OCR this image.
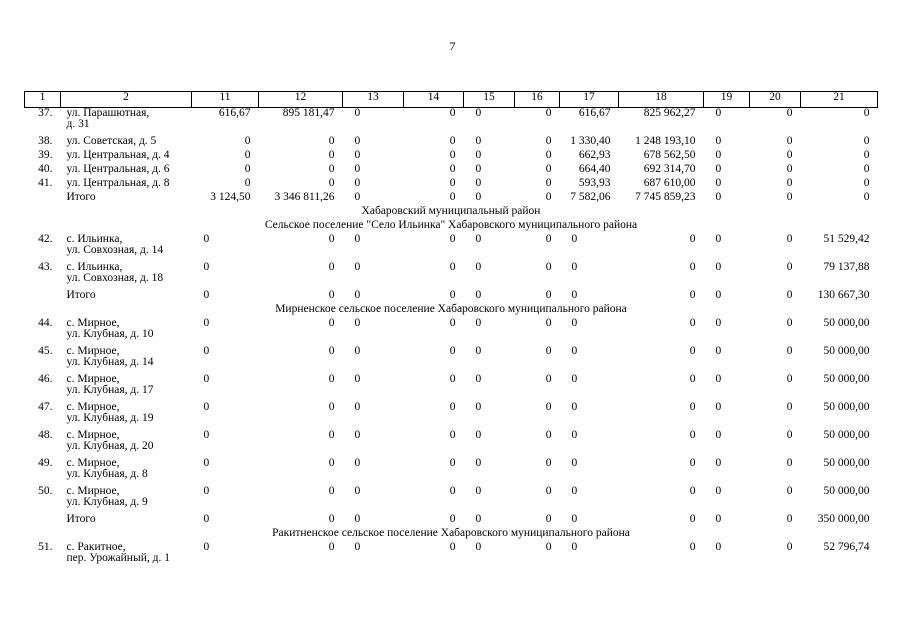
7
1	2	11	12	13	14	15	16	17	18	19	20	21
37.	ул. Парашютная,
д. 31	616,67	895 181,47	0	0	0	0	616,67	825 962,27	0	0	0
38.	ул. Советская, д. 5	0	0	0	0	0	0	1 330,40	1 248 193,10	0	0	0
39.	ул. Центральная, д. 4	0	0	0	0	0	0	662,93	678 562,50	0	0	0
40.	ул. Центральная, д. 6	0	0	0	0	0	0	664,40	692 314,70	0	0	0
41.	ул. Центральная, д. 8	0	0	0	0	0	0	593,93	687 610,00	0	0	0

	Итого	3 124,50	3 346 811,26	0	0	0	0	7 582,06	7 745 859,23	0	0	0
Хабаровский муниципальный район												
Сельское поселение "Село Ильинка" Хабаровского муниципального района												
42.	с. Ильинка,
ул. Совхозная, д. 14	0	0	0	0	0	0	0	0	0	0	51 529,42
43.	с. Ильинка,
ул. Совхозная, д. 18	0	0	0	0	0	0	0	0	0	0	79 137,88

	Итого	0	0	0	0	0	0	0	0	0	0	130 667,30
Мирненское сельское поселение Хабаровского муниципального района												
44.	с. Мирное,
ул. Клубная, д. 10	0	0	0	0	0	0	0	0	0	0	50 000,00
45.	с. Мирное,
ул. Клубная, д. 14	0	0	0	0	0	0	0	0	0	0	50 000,00
46.	с. Мирное,
ул. Клубная, д. 17	0	0	0	0	0	0	0	0	0	0	50 000,00
47.	с. Мирное,
ул. Клубная, д. 19	0	0	0	0	0	0	0	0	0	0	50 000,00
48.	с. Мирное,
ул. Клубная, д. 20	0	0	0	0	0	0	0	0	0	0	50 000,00
49.	с. Мирное,
ул. Клубная, д. 8	0	0	0	0	0	0	0	0	0	0	50 000,00
50.	с. Мирное,
ул. Клубная, д. 9	0	0	0	0	0	0	0	0	0	0	50 000,00

	Итого	0	0	0	0	0	0	0	0	0	0	350 000,00
Ракитненское сельское поселение Хабаровского муниципального района												
51.	с. Ракитное,
пер. Урожайный, д. 1	0	0	0	0	0	0	0	0	0	0	52 796,74
